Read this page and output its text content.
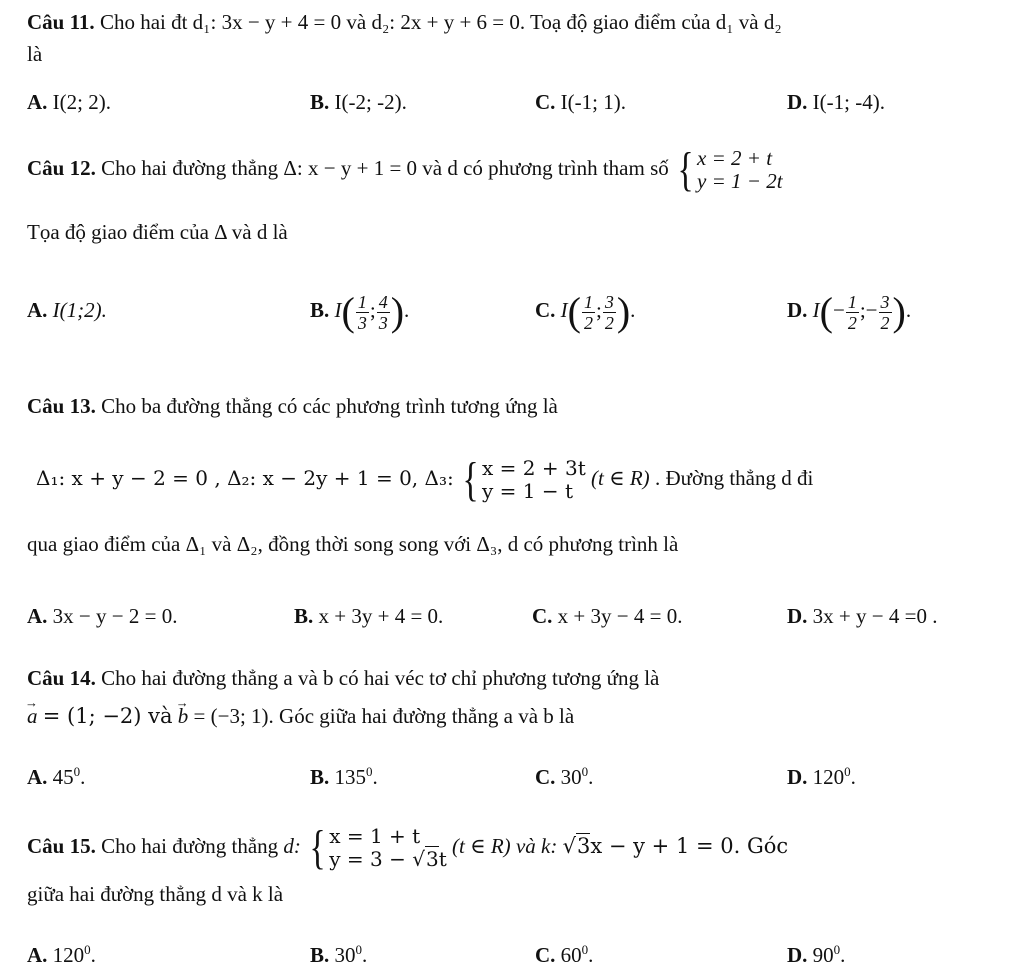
Câu 11. Cho hai đt d₁: 3x − y + 4 = 0 và d₂: 2x + y + 6 = 0. Toạ độ giao điểm của d₁ và d₂
là
A. I(2; 2).	B. I(-2; -2).	C. I(-1; 1).	D. I(-1; -4).
Câu 12. Cho hai đường thẳng Δ: x − y + 1 = 0 và d có phương trình tham số { x = 2 + t
y = 1 − 2t
Tọa độ giao điểm của Δ và d là
A. I(1;2).	B. $I( \frac{1}{3}$ ; $\frac{4}{3}$ ).	C. $I( \frac{1}{2}$ ; $\frac{3}{2}$ ).	D. $I(- \frac{1}{2}$ ;− $\frac{3}{2}$ ).
Câu 13. Cho ba đường thẳng có các phương trình tương ứng là
Δ₁: x + y − 2 = 0 , Δ₂: x − 2y + 1 = 0, Δ₃: { x = 2 + 3t
y = 1 − t
(t ∈ R) . Đường thẳng d đi
qua giao điểm của Δ₁ và Δ₂, đồng thời song song với Δ₃, d có phương trình là
A. 3x − y − 2 = 0.	B. x + 3y + 4 = 0.	C. x + 3y − 4 = 0.	D. 3x + y − 4 =0 .
Câu 14. Cho hai đường thẳng a và b có hai véc tơ chỉ phương tương ứng là
→ a = (1; −2) và → b = (−3; 1). Góc giữa hai đường thẳng a và b là
A. $45^0$.	B. $135^0$.	C. $30^0$.	D. $120^0$.
Câu 15. Cho hai đường thẳng d: { x = 1 + t
y = 3 − √3t
(t ∈ R) và k: √3x − y + 1 = 0. Góc
giữa hai đường thẳng d và k là
A. $120^0$.	B. $30^0$.	C. $60^0$.	D. $90^0$.
